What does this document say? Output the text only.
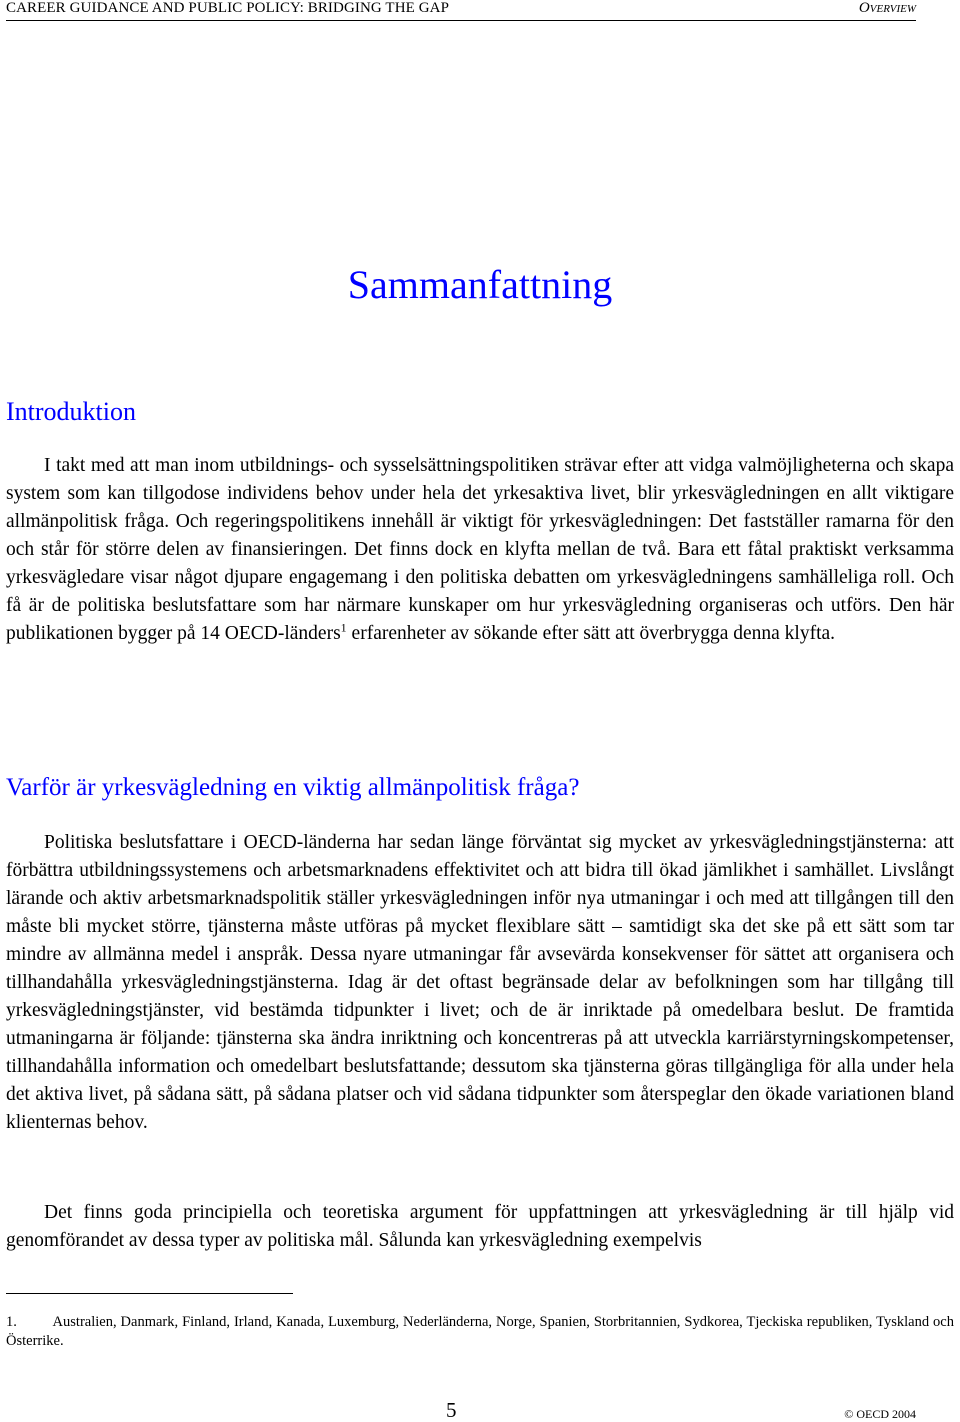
CAREER GUIDANCE AND PUBLIC POLICY: BRIDGING THE GAP	OVERVIEW
Sammanfattning
Introduktion

I takt med att man inom utbildnings- och sysselsättningspolitiken strävar efter att vidga valmöjligheterna och skapa system som kan tillgodose individens behov under hela det yrkesaktiva livet, blir yrkesvägledningen en allt viktigare allmänpolitisk fråga. Och regeringspolitikens innehåll är viktigt för yrkesvägledningen: Det fastställer ramarna för den och står för större delen av finansieringen. Det finns dock en klyfta mellan de två. Bara ett fåtal praktiskt verksamma yrkesvägledare visar något djupare engagemang i den politiska debatten om yrkesvägledningens samhälleliga roll. Och få är de politiska beslutsfattare som har närmare kunskaper om hur yrkesvägledning organiseras och utförs. Den här publikationen bygger på 14 OECD-länders$^1$ erfarenheter av sökande efter sätt att överbrygga denna klyfta.

Varför är yrkesvägledning en viktig allmänpolitisk fråga?

Politiska beslutsfattare i OECD-länderna har sedan länge förväntat sig mycket av yrkesvägledningstjänsterna: att förbättra utbildningssystemens och arbetsmarknadens effektivitet och att bidra till ökad jämlikhet i samhället. Livslångt lärande och aktiv arbetsmarknadspolitik ställer yrkesvägledningen inför nya utmaningar i och med att tillgången till den måste bli mycket större, tjänsterna måste utföras på mycket flexiblare sätt – samtidigt ska det ske på ett sätt som tar mindre av allmänna medel i anspråk. Dessa nyare utmaningar får avsevärda konsekvenser för sättet att organisera och tillhandahålla yrkesvägledningstjänsterna. Idag är det oftast begränsade delar av befolkningen som har tillgång till yrkesvägledningstjänster, vid bestämda tidpunkter i livet; och de är inriktade på omedelbara beslut. De framtida utmaningarna är följande: tjänsterna ska ändra inriktning och koncentreras på att utveckla karriärstyrningskompetenser, tillhandahålla information och omedelbart beslutsfattande; dessutom ska tjänsterna göras tillgängliga för alla under hela det aktiva livet, på sådana sätt, på sådana platser och vid sådana tidpunkter som återspeglar den ökade variationen bland klienternas behov.

Det finns goda principiella och teoretiska argument för uppfattningen att yrkesvägledning är till hjälp vid genomförandet av dessa typer av politiska mål. Sålunda kan yrkesvägledning exempelvis

1.         Australien, Danmark, Finland, Irland, Kanada, Luxemburg, Nederländerna, Norge, Spanien, Storbritannien, Sydkorea, Tjeckiska republiken, Tyskland och Österrike.

5	© OECD 2004
